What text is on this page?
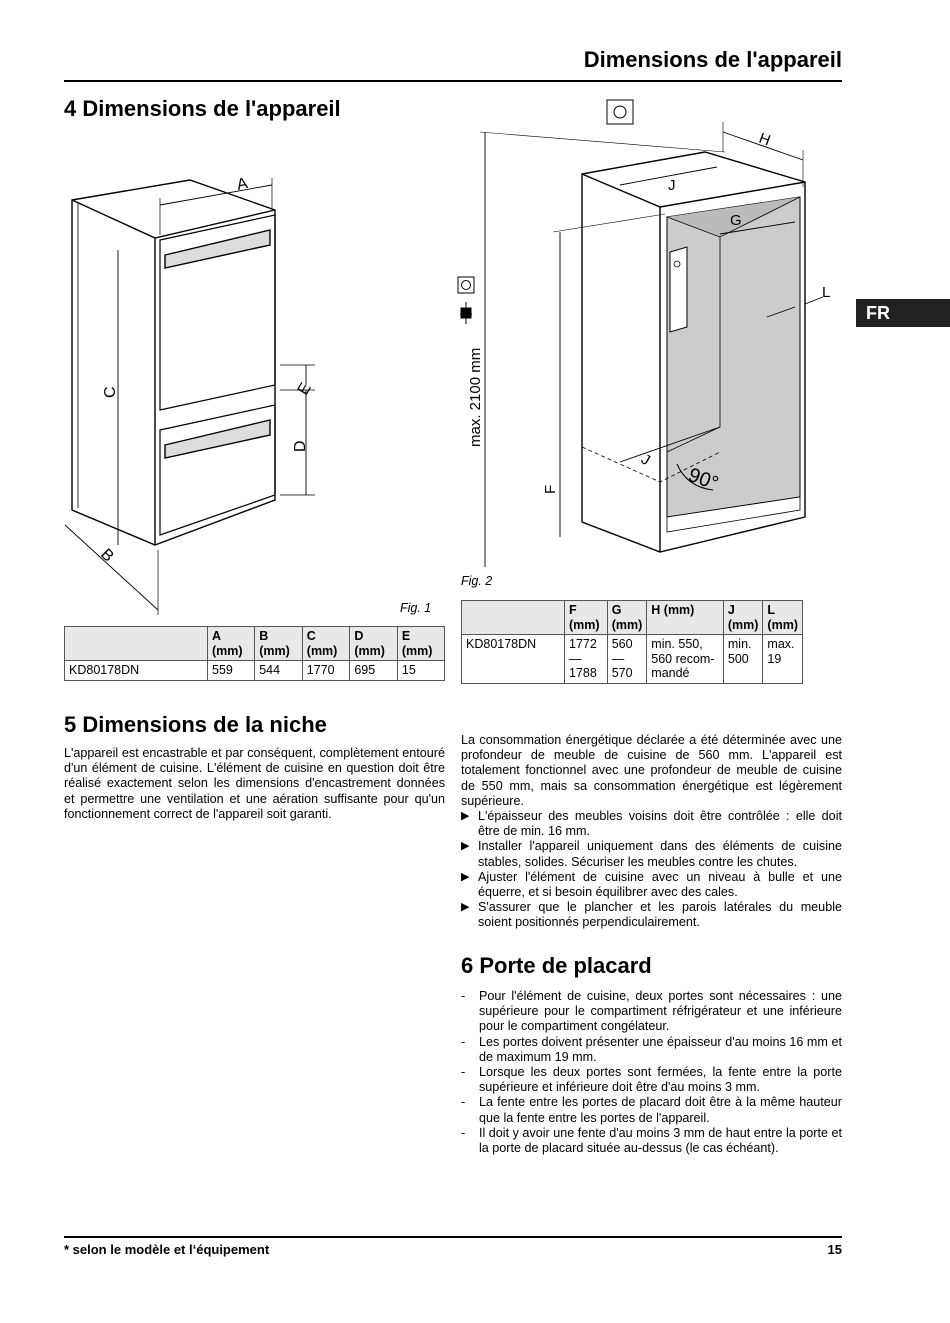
Dimensions de l'appareil
FR
4 Dimensions de l'appareil
A
C
D
E
B
Fig. 1
	A (mm)	B (mm)	C (mm)	D (mm)	E (mm)
KD80178DN	559	544	1770	695	15
5 Dimensions de la niche
L'appareil est encastrable et par conséquent, complètement entouré d'un élément de cuisine. L'élément de cuisine en question doit être réalisé exactement selon les dimensions d'encastrement données et permettre une ventilation et une aération suffisante pour qu'un fonctionnement correct de l'appareil soit garanti.
max. 2100 mm
H
J
G
L
F
J
90°
Fig. 2
	F (mm)	G (mm)	H (mm)	J (mm)	L (mm)
KD80178DN	1772 — 1788	560 — 570	min. 550, 560 recommandé	min. 500	max. 19
La consommation énergétique déclarée a été déterminée avec une profondeur de meuble de cuisine de 560 mm. L'appareil est totalement fonctionnel avec une profondeur de meuble de cuisine de 550 mm, mais sa consommation énergétique est légèrement supérieure.
▶ L'épaisseur des meubles voisins doit être contrôlée : elle doit être de min. 16 mm.
▶ Installer l'appareil uniquement dans des éléments de cuisine stables, solides. Sécuriser les meubles contre les chutes.
▶ Ajuster l'élément de cuisine avec un niveau à bulle et une équerre, et si besoin équilibrer avec des cales.
▶ S'assurer que le plancher et les parois latérales du meuble soient positionnés perpendiculairement.
6 Porte de placard
- Pour l'élément de cuisine, deux portes sont nécessaires : une supérieure pour le compartiment réfrigérateur et une inférieure pour le compartiment congélateur.
- Les portes doivent présenter une épaisseur d'au moins 16 mm et de maximum 19 mm.
- Lorsque les deux portes sont fermées, la fente entre la porte supérieure et inférieure doit être d'au moins 3 mm.
- La fente entre les portes de placard doit être à la même hauteur que la fente entre les portes de l'appareil.
- Il doit y avoir une fente d'au moins 3 mm de haut entre la porte et la porte de placard située au-dessus (le cas échéant).
* selon le modèle et l‘équipement	15
